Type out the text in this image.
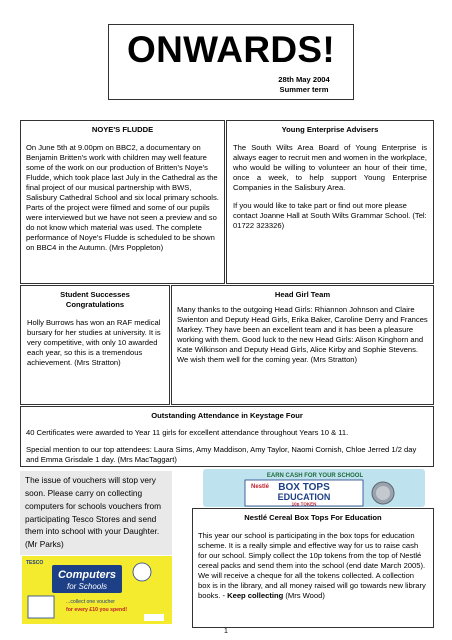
ONWARDS!
28th May 2004
Summer term

NOYE'S FLUDDE

On June 5th at 9.00pm on BBC2, a documentary on Benjamin Britten's work with children may well feature some of the work on our production of Britten's Noye's Fludde, which took place last July in the Cathedral as the final project of our musical partnership with BWS, Salisbury Cathedral School and six local primary schools. Parts of the project were filmed and some of our pupils were interviewed but we have not seen a preview and so do not know which material was used. The complete performance of Noye's Fludde is scheduled to be shown on BBC4 in the Autumn. (Mrs Poppleton)

Young Enterprise Advisers

The South Wilts Area Board of Young Enterprise is always eager to recruit men and women in the workplace, who would be willing to volunteer an hour of their time, once a week, to help support Young Enterprise Companies in the Salisbury Area.

If you would like to take part or find out more please contact Joanne Hall at South Wilts Grammar School. (Tel: 01722 323326)

Student Successes

Congratulations

Holly Burrows has won an RAF medical bursary for her studies at university. It is very competitive, with only 10 awarded each year, so this is a tremendous achievement. (Mrs Stratton)

Head Girl Team

Many thanks to the outgoing Head Girls: Rhiannon Johnson and Claire Swienton and Deputy Head Girls, Erika Baker, Caroline Derry and Frances Markey. They have been an excellent team and it has been a pleasure working with them. Good luck to the new Head Girls: Alison Kinghorn and Kate Wilkinson and Deputy Head Girls, Alice Kirby and Sophie Stevens. We wish them well for the coming year. (Mrs Stratton)

Outstanding Attendance in Keystage Four

40 Certificates were awarded to Year 11 girls for excellent attendance throughout Years 10 & 11.

Special mention to our top attendees: Laura Sims, Amy Maddison, Amy Taylor, Naomi Cornish, Chloe Jerred 1/2 day and Emma Grisdale 1 day. (Mrs MacTaggart)

The issue of vouchers will stop very soon. Please carry on collecting computers for schools vouchers from participating Tesco Stores and send them into school with your Daughter. (Mr Parks)

EARN CASH FOR YOUR SCHOOL
Nestlé BOX TOPS
EDUCATION
10p TOKEN
TESCO
Computers
for Schools
...collect one voucher
for every £10 you spend!

Nestlé Cereal Box Tops For Education

This year our school is participating in the box tops for education scheme. It is a really simple and effective way for us to raise cash for our school. Simply collect the 10p tokens from the top of Nestlé cereal packs and send them into the school (end date March 2005). We will receive a cheque for all the tokens collected. A collection box is in the library, and all money raised will go towards new library books. - Keep collecting (Mrs Wood)

1
